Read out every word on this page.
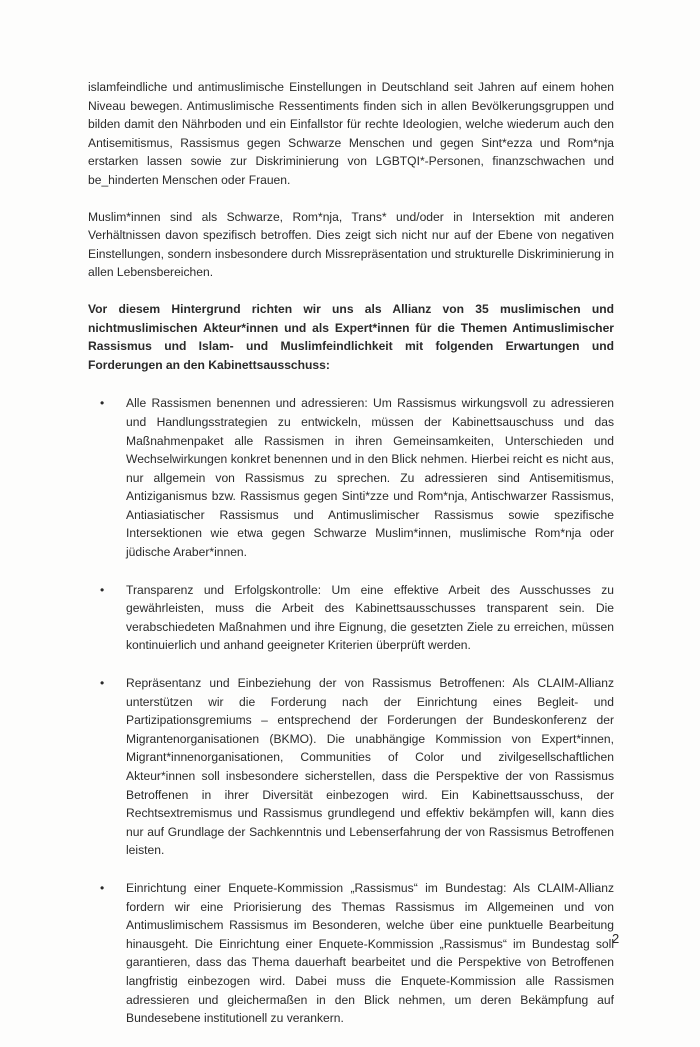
islamfeindliche und antimuslimische Einstellungen in Deutschland seit Jahren auf einem hohen Niveau bewegen. Antimuslimische Ressentiments finden sich in allen Bevölkerungsgruppen und bilden damit den Nährboden und ein Einfallstor für rechte Ideologien, welche wiederum auch den Antisemitismus, Rassismus gegen Schwarze Menschen und gegen Sint*ezza und Rom*nja erstarken lassen sowie zur Diskriminierung von LGBTQI*-Personen, finanzschwachen und be_hinderten Menschen oder Frauen.

Muslim*innen sind als Schwarze, Rom*nja, Trans* und/oder in Intersektion mit anderen Verhältnissen davon spezifisch betroffen. Dies zeigt sich nicht nur auf der Ebene von negativen Einstellungen, sondern insbesondere durch Missrepräsentation und strukturelle Diskriminierung in allen Lebensbereichen.

Vor diesem Hintergrund richten wir uns als Allianz von 35 muslimischen und nichtmuslimischen Akteur*innen und als Expert*innen für die Themen Antimuslimischer Rassismus und Islam- und Muslimfeindlichkeit mit folgenden Erwartungen und Forderungen an den Kabinettsausschuss:

• Alle Rassismen benennen und adressieren: Um Rassismus wirkungsvoll zu adressieren und Handlungsstrategien zu entwickeln, müssen der Kabinettsauschuss und das Maßnahmenpaket alle Rassismen in ihren Gemeinsamkeiten, Unterschieden und Wechselwirkungen konkret benennen und in den Blick nehmen. Hierbei reicht es nicht aus, nur allgemein von Rassismus zu sprechen. Zu adressieren sind Antisemitismus, Antiziganismus bzw. Rassismus gegen Sinti*zze und Rom*nja, Antischwarzer Rassismus, Antiasiatischer Rassismus und Antimuslimischer Rassismus sowie spezifische Intersektionen wie etwa gegen Schwarze Muslim*innen, muslimische Rom*nja oder jüdische Araber*innen.
• Transparenz und Erfolgskontrolle: Um eine effektive Arbeit des Ausschusses zu gewährleisten, muss die Arbeit des Kabinettsausschusses transparent sein. Die verabschiedeten Maßnahmen und ihre Eignung, die gesetzten Ziele zu erreichen, müssen kontinuierlich und anhand geeigneter Kriterien überprüft werden.
• Repräsentanz und Einbeziehung der von Rassismus Betroffenen: Als CLAIM-Allianz unterstützen wir die Forderung nach der Einrichtung eines Begleit- und Partizipationsgremiums – entsprechend der Forderungen der Bundeskonferenz der Migrantenorganisationen (BKMO). Die unabhängige Kommission von Expert*innen, Migrant*innenorganisationen, Communities of Color und zivilgesellschaftlichen Akteur*innen soll insbesondere sicherstellen, dass die Perspektive der von Rassismus Betroffenen in ihrer Diversität einbezogen wird. Ein Kabinettsausschuss, der Rechtsextremismus und Rassismus grundlegend und effektiv bekämpfen will, kann dies nur auf Grundlage der Sachkenntnis und Lebenserfahrung der von Rassismus Betroffenen leisten.
• Einrichtung einer Enquete-Kommission „Rassismus“ im Bundestag: Als CLAIM-Allianz fordern wir eine Priorisierung des Themas Rassismus im Allgemeinen und von Antimuslimischem Rassismus im Besonderen, welche über eine punktuelle Bearbeitung hinausgeht. Die Einrichtung einer Enquete-Kommission „Rassismus“ im Bundestag soll garantieren, dass das Thema dauerhaft bearbeitet und die Perspektive von Betroffenen langfristig einbezogen wird. Dabei muss die Enquete-Kommission alle Rassismen adressieren und gleichermaßen in den Blick nehmen, um deren Bekämpfung auf Bundesebene institutionell zu verankern.
2
